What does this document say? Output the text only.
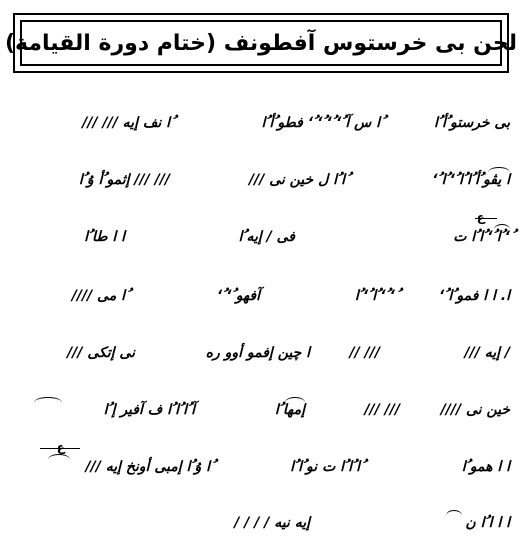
لحن بى خرستوس آفطونف (ختام دورة القيامة)
بى خرستو ُأ ُا
ُا س آ ُ‘ ُ‘ ُ‘ ُ‘ فطو ُأ ُا
ُا نف إيه /// ///
ا يڤو ُأ ُا ُا ُ‘ ُا ُ‘
ُا ُا ل خين نى ///
/// /// إثمو ُأ ۇ ُا
ُ‘ ُا ُ‘ ُا ُا ت
فى / إيه ُا
ا ا طا ُا
ع
ا. ا ا فمو ُا ُ‘
ُ‘ ُ‘ ُا ُ‘ ُا
آفهو ُ‘ ُ‘
ُا مى ////
/ إيه ///
/// //
ا چين إفمو أوو ره
نى إتكى ///
خين نى ////
/// ///
إمها ُا
آ ُا ُا ُا ف آفير إ ُا
ا ا همو ُا
ُا ُا ُا ت نو ُا ُا
ُا ۇ ُا إمبى أونخ إيه ///
ع
ا ا ا ُا ن
إيه نيه / / / /
